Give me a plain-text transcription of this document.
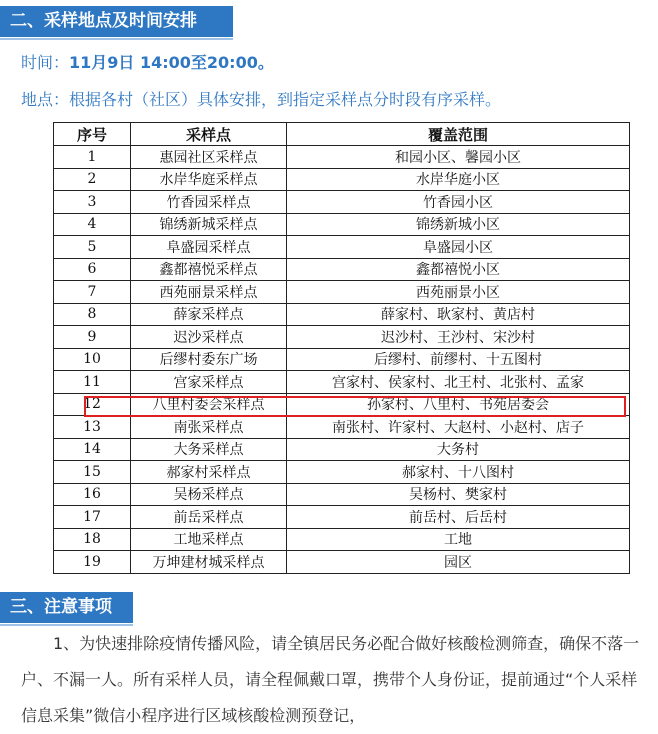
二、采样地点及时间安排
时间：11月9日 14:00至20:00。
地点：根据各村（社区）具体安排，到指定采样点分时段有序采样。
序号	采样点	覆盖范围
1	惠园社区采样点	和园小区、馨园小区
2	水岸华庭采样点	水岸华庭小区
3	竹香园采样点	竹香园小区
4	锦绣新城采样点	锦绣新城小区
5	阜盛园采样点	阜盛园小区
6	鑫都禧悦采样点	鑫都禧悦小区
7	西苑丽景采样点	西苑丽景小区
8	薛家采样点	薛家村、耿家村、黄店村
9	迟沙采样点	迟沙村、王沙村、宋沙村
10	后缪村委东广场	后缪村、前缪村、十五图村
11	宫家采样点	宫家村、侯家村、北王村、北张村、孟家
12	八里村委会采样点	孙家村、八里村、书苑居委会
13	南张采样点	南张村、许家村、大赵村、小赵村、店子
14	大务采样点	大务村
15	郝家村采样点	郝家村、十八图村
16	吴杨采样点	吴杨村、樊家村
17	前岳采样点	前岳村、后岳村
18	工地采样点	工地
19	万坤建材城采样点	园区
三、注意事项
1、为快速排除疫情传播风险，请全镇居民务必配合做好核酸检测筛查，确保不落一户、不漏一人。所有采样人员，请全程佩戴口罩，携带个人身份证，提前通过“个人采样信息采集”微信小程序进行区域核酸检测预登记，
